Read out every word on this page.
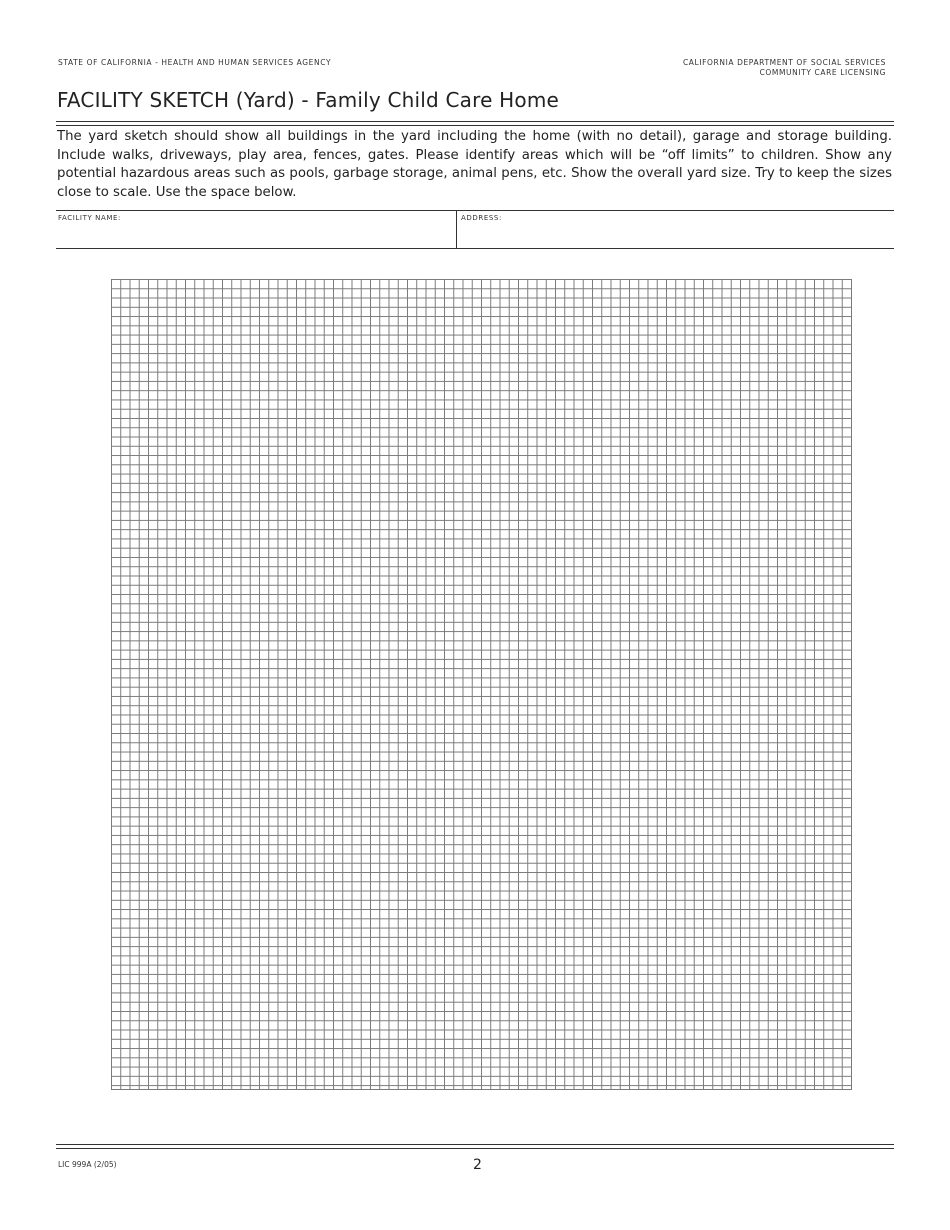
STATE OF CALIFORNIA - HEALTH AND HUMAN SERVICES AGENCY	CALIFORNIA DEPARTMENT OF SOCIAL SERVICES
COMMUNITY CARE LICENSING
FACILITY SKETCH (Yard) - Family Child Care Home

The yard sketch should show all buildings in the yard including the home (with no detail), garage and storage building. Include walks, driveways, play area, fences, gates. Please identify areas which will be “off limits” to children. Show any potential hazardous areas such as pools, garbage storage, animal pens, etc. Show the overall yard size. Try to keep the sizes close to scale. Use the space below.

FACILITY NAME:	ADDRESS:
LIC 999A (2/05)	2
